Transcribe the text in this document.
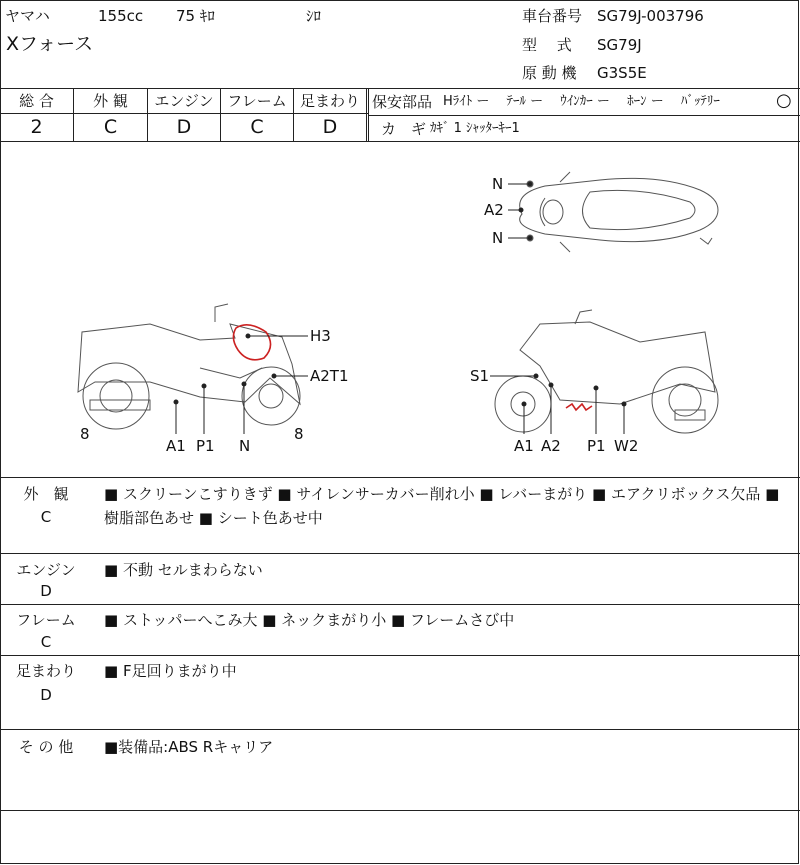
ヤマハ	155cc 75 ｷﾛ	ｼﾛ
Xフォース
車台番号 SG79J-003796
型　 式 SG79J
原 動 機 G3S5E
総 合	外 観	エンジン フレーム 足まわり
2	C	D	C	D
保安部品 Hﾗｲﾄ ー　 ﾃｰﾙ ー　 ｳｲﾝｶｰ ー　 ﾎｰﾝ ー　 ﾊﾞｯﾃﾘｰ	○
カ　ギ ｶｷﾞ 1 ｼｬｯﾀｰｷｰ1
N
A2
N
H3
A2T1
8
A1 P1 N
8
S1
A1 A2 P1 W2
外　観
C
■ スクリーンこすりきず ■ サイレンサーカバー削れ小 ■ レバーまがり ■ エアクリボックス欠品 ■ 樹脂部色あせ ■ シート色あせ中
エンジン
D
■ 不動 セルまわらない
フレーム
C
■ ストッパーへこみ大 ■ ネックまがり小 ■ フレームさび中
足まわり
D
■ F足回りまがり中
そ の 他	■装備品:ABS Rキャリア
